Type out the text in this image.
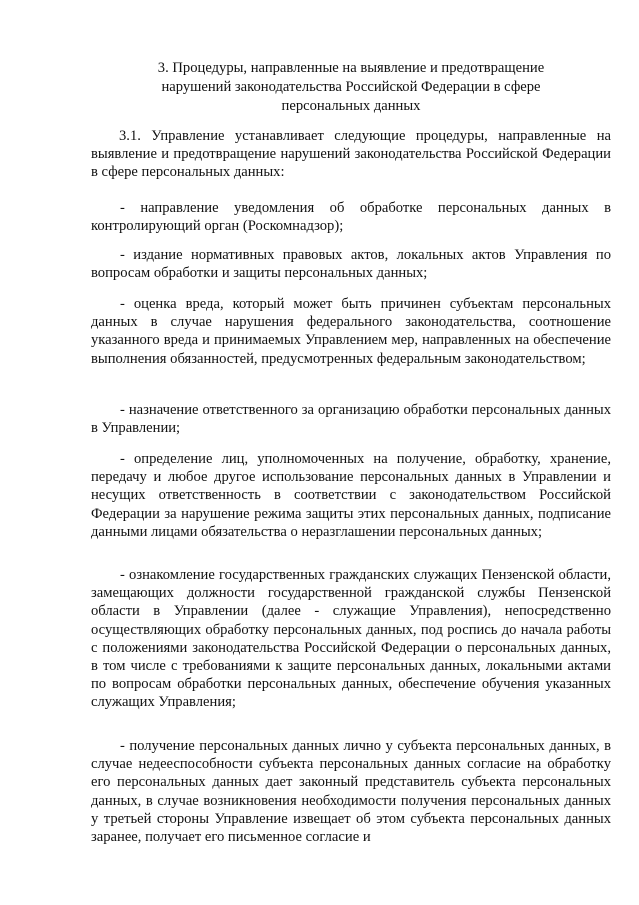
3. Процедуры, направленные на выявление и предотвращение
нарушений законодательства Российской Федерации в сфере
персональных данных

3.1. Управление устанавливает следующие процедуры, направленные на выявление и предотвращение нарушений законодательства Российской Федерации в сфере персональных данных:

- направление уведомления об обработке персональных данных в контролирующий орган (Роскомнадзор);

- издание нормативных правовых актов, локальных актов Управления по вопросам обработки и защиты персональных данных;

- оценка вреда, который может быть причинен субъектам персональных данных в случае нарушения федерального законодательства, соотношение указанного вреда и принимаемых Управлением мер, направленных на обеспечение выполнения обязанностей, предусмотренных федеральным законодательством;

- назначение ответственного за организацию обработки персональных данных в Управлении;

- определение лиц, уполномоченных на получение, обработку, хранение, передачу и любое другое использование персональных данных в Управлении и несущих ответственность в соответствии с законодательством Российской Федерации за нарушение режима защиты этих персональных данных, подписание данными лицами обязательства о неразглашении персональных данных;

- ознакомление государственных гражданских служащих Пензенской области, замещающих должности государственной гражданской службы Пензенской области в Управлении (далее - служащие Управления), непосредственно осуществляющих обработку персональных данных, под роспись до начала работы с положениями законодательства Российской Федерации о персональных данных, в том числе с требованиями к защите персональных данных, локальными актами по вопросам обработки персональных данных, обеспечение обучения указанных служащих Управления;

- получение персональных данных лично у субъекта персональных данных, в случае недееспособности субъекта персональных данных согласие на обработку его персональных данных дает законный представитель субъекта персональных данных, в случае возникновения необходимости получения персональных данных у третьей стороны Управление извещает об этом субъекта персональных данных заранее, получает его письменное согласие и
